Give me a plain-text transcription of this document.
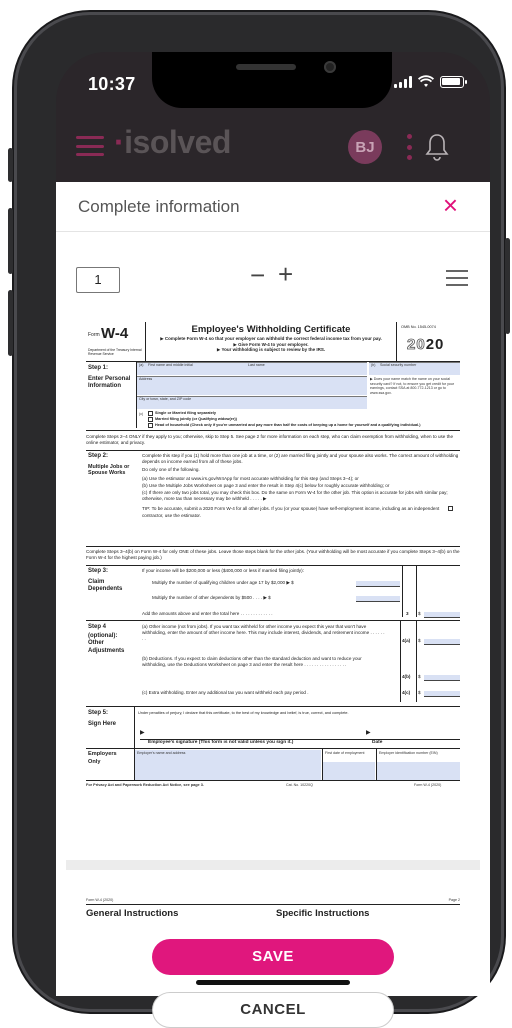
10:37
·isolved	BJ
Complete information	×
1	− +
Form W-4
Department of the Treasury Internal Revenue Service
Employee's Withholding Certificate
▶ Complete Form W-4 so that your employer can withhold the correct federal income tax from your pay.
▶ Give Form W-4 to your employer.
▶ Your withholding is subject to review by the IRS.
OMB No. 1545-0074
2020
Step 1:
Enter Personal Information
(a) First name and middle initial	Last name	(b) Social security number
Address
City or town, state, and ZIP code
▶ Does your name match the name on your social security card? If not, to ensure you get credit for your earnings, contact SSA at 800-772-1213 or go to www.ssa.gov.
(c)	Single or Married filing separately
Married filing jointly (or Qualifying widow(er))
Head of household (Check only if you're unmarried and pay more than half the costs of keeping up a home for yourself and a qualifying individual.)
Complete Steps 2–4 ONLY if they apply to you; otherwise, skip to Step 5. See page 2 for more information on each step, who can claim exemption from withholding, when to use the online estimator, and privacy.
Step 2:
Multiple Jobs or Spouse Works
Complete this step if you (1) hold more than one job at a time, or (2) are married filing jointly and your spouse also works. The correct amount of withholding depends on income earned from all of these jobs.
Do only one of the following.
(a) Use the estimator at www.irs.gov/W4App for most accurate withholding for this step (and Steps 3–4); or
(b) Use the Multiple Jobs Worksheet on page 3 and enter the result in Step 4(c) below for roughly accurate withholding; or
(c) If there are only two jobs total, you may check this box. Do the same on Form W-4 for the other job. This option is accurate for jobs with similar pay; otherwise, more tax than necessary may be withheld . . . . . ▶
TIP: To be accurate, submit a 2020 Form W-4 for all other jobs. If you (or your spouse) have self-employment income, including as an independent contractor, use the estimator.
Complete Steps 3–4(b) on Form W-4 for only ONE of these jobs. Leave those steps blank for the other jobs. (Your withholding will be most accurate if you complete Steps 3–4(b) on the Form W-4 for the highest paying job.)
Step 3:
Claim Dependents
If your income will be $200,000 or less ($400,000 or less if married filing jointly):
Multiply the number of qualifying children under age 17 by $2,000 ▶ $
Multiply the number of other dependents by $500 . . . . ▶ $
Add the amounts above and enter the total here . . . . . . . . . . . . .	3 $
Step 4
(optional): Other Adjustments
(a) Other income (not from jobs). If you want tax withheld for other income you expect this year that won't have withholding, enter the amount of other income here. This may include interest, dividends, and retirement income . . . . . . . .	4(a) $
(b) Deductions. If you expect to claim deductions other than the standard deduction and want to reduce your withholding, use the Deductions Worksheet on page 3 and enter the result here . . . . . . . . . . . . . . . . .
4(b) $
(c) Extra withholding. Enter any additional tax you want withheld each pay period .	4(c) $
Step 5:
Sign Here
Under penalties of perjury, I declare that this certificate, to the best of my knowledge and belief, is true, correct, and complete.
▶	▶
Employee's signature (This form is not valid unless you sign it.)	Date
Employers Only
Employer's name and address	First date of employment	Employer identification number (EIN)
For Privacy Act and Paperwork Reduction Act Notice, see page 3.	Cat. No. 10220Q	Form W-4 (2020)
Form W-4 (2020)	Page 2
General Instructions	Specific Instructions
SAVE
CANCEL
